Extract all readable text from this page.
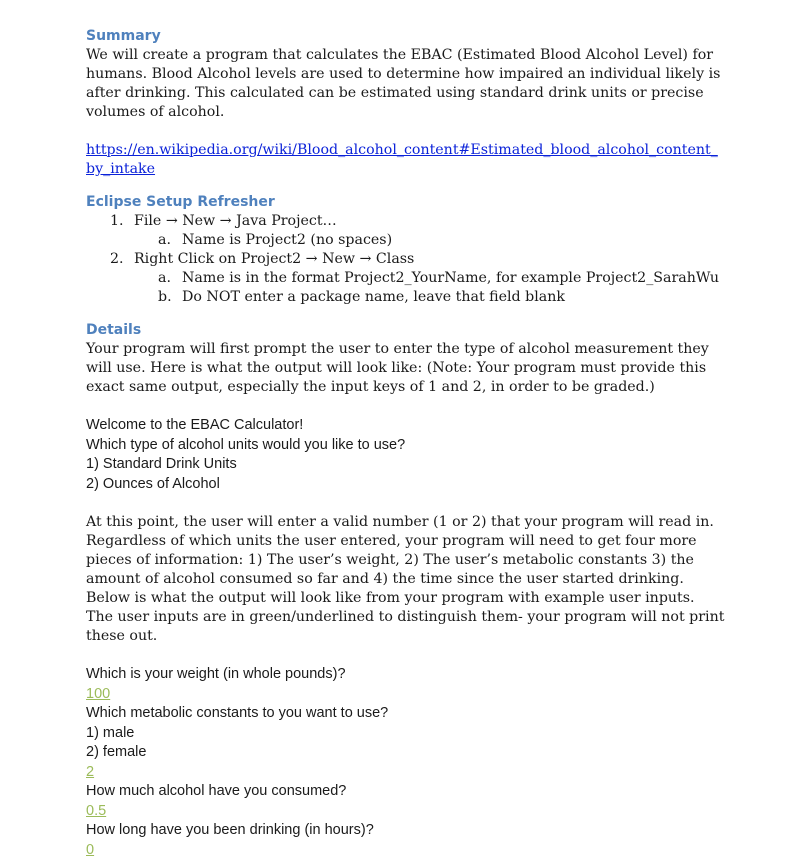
Summary

We will create a program that calculates the EBAC (Estimated Blood Alcohol Level) for humans. Blood Alcohol levels are used to determine how impaired an individual likely is after drinking. This calculated can be estimated using standard drink units or precise volumes of alcohol.

https://en.wikipedia.org/wiki/Blood_alcohol_content#Estimated_blood_alcohol_content_by_intake

Eclipse Setup Refresher
1. File → New → Java Project…
a. Name is Project2 (no spaces)
2. Right Click on Project2 → New → Class
a. Name is in the format Project2_YourName, for example Project2_SarahWu
b. Do NOT enter a package name, leave that field blank
Details

Your program will first prompt the user to enter the type of alcohol measurement they will use. Here is what the output will look like: (Note: Your program must provide this exact same output, especially the input keys of 1 and 2, in order to be graded.)

Welcome to the EBAC Calculator!
Which type of alcohol units would you like to use?
1) Standard Drink Units
2) Ounces of Alcohol

At this point, the user will enter a valid number (1 or 2) that your program will read in. Regardless of which units the user entered, your program will need to get four more pieces of information: 1) The user’s weight, 2) The user’s metabolic constants 3) the amount of alcohol consumed so far and 4) the time since the user started drinking. Below is what the output will look like from your program with example user inputs. The user inputs are in green/underlined to distinguish them- your program will not print these out.

Which is your weight (in whole pounds)?
100
Which metabolic constants to you want to use?
1) male
2) female
2
How much alcohol have you consumed?
0.5
How long have you been drinking (in hours)?
0
